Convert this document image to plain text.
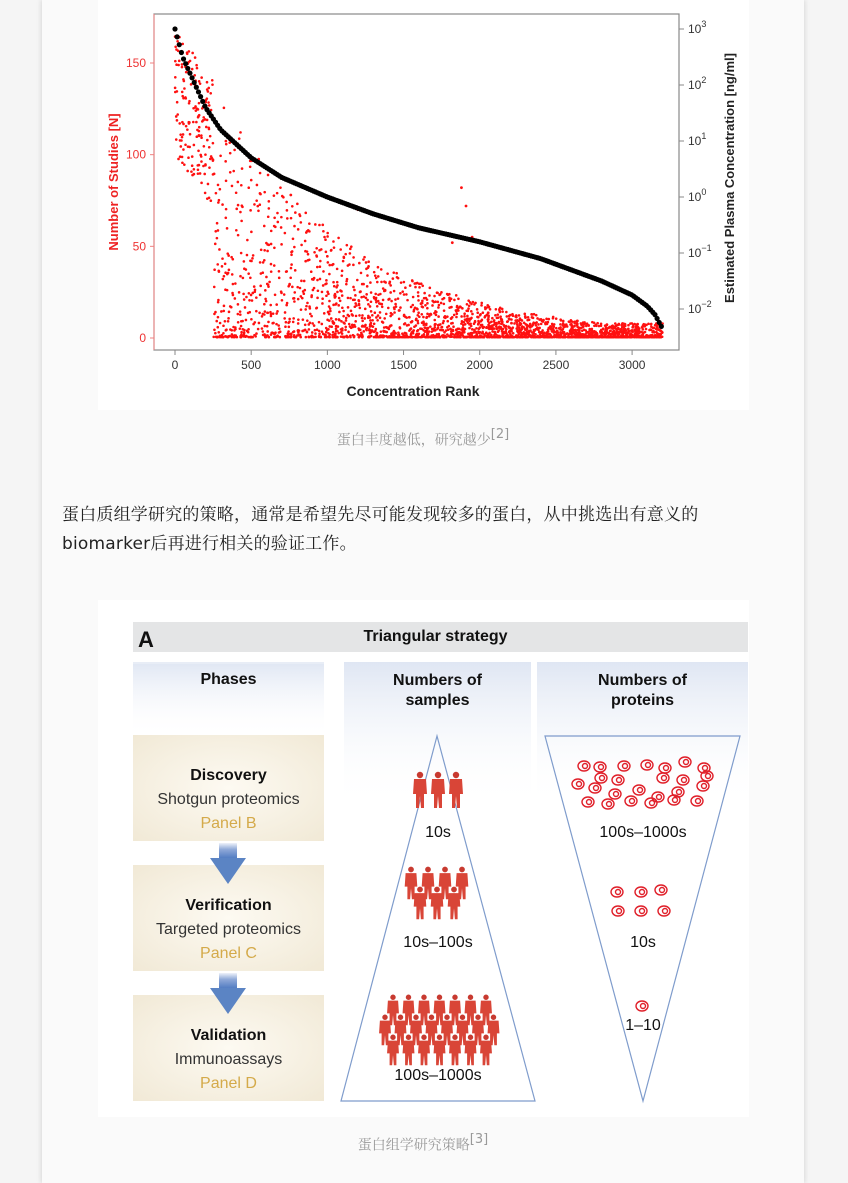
0
50
100
150
$10^{-2}$
$10^{-1}$
$10^0$
$10^1$
$10^2$
$10^3$
0	500	1000	1500	2000	2500	3000
Concentration Rank
Number of Studies [N]	Estimated Plasma Concentration [ng/ml]
蛋白丰度越低，研究越少[2]
蛋白质组学研究的策略，通常是希望先尽可能发现较多的蛋白，从中挑选出有意义的
biomarker后再进行相关的验证工作。
A	Triangular strategy
Phases	Numbers of
samples
Numbers of
proteins
Discovery
Shotgun proteomics
Panel B
Verification
Targeted proteomics
Panel C
Validation
Immunoassays
Panel D
10s
10s–100s
100s–1000s
100s–1000s
10s
1–10
蛋白组学研究策略[3]
